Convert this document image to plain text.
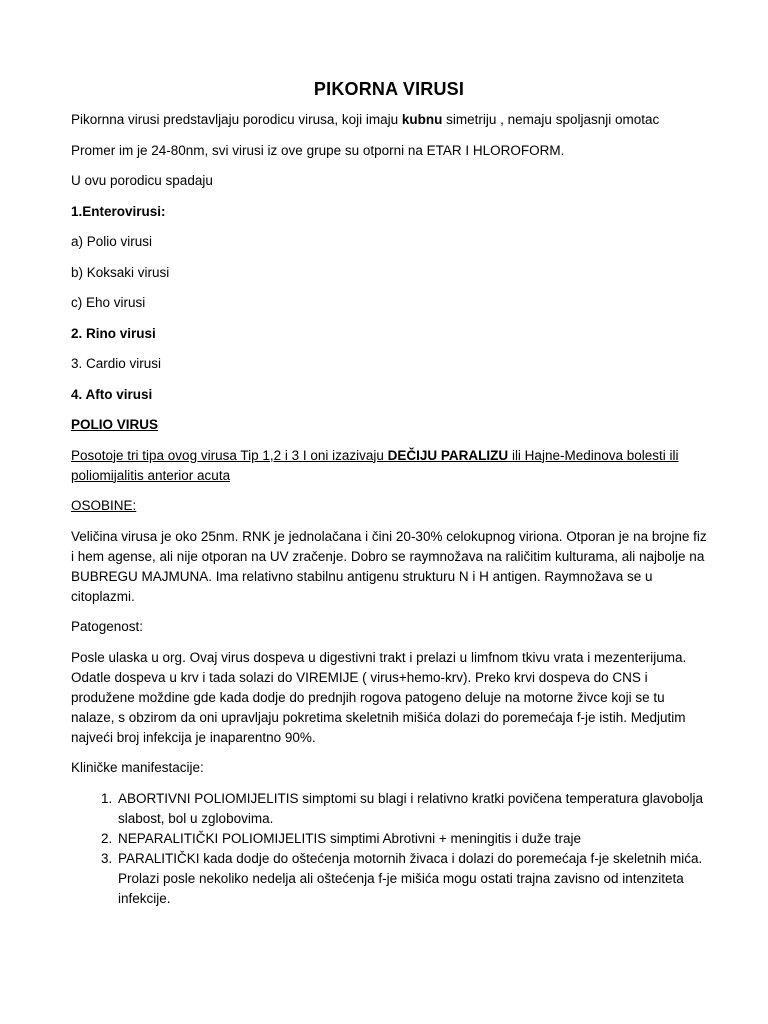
PIKORNA VIRUSI

Pikornna virusi predstavljaju porodicu virusa, koji imaju kubnu simetriju , nemaju spoljasnji omotac

Promer im je 24-80nm, svi virusi iz ove grupe su otporni na ETAR I HLOROFORM.

U ovu porodicu spadaju

1.Enterovirusi:

a) Polio virusi

b) Koksaki virusi

c) Eho virusi

2. Rino virusi

3. Cardio virusi

4. Afto virusi

POLIO VIRUS

Posotoje tri tipa ovog virusa Tip 1,2 i 3 I oni izazivaju DEČIJU PARALIZU ili Hajne-Medinova bolesti ili poliomijalitis anterior acuta

OSOBINE:

Veličina virusa je oko 25nm. RNK je jednolačana i čini 20-30% celokupnog viriona. Otporan je na brojne fiz i hem agense, ali nije otporan na UV zračenje. Dobro se raymnožava na raličitim kulturama, ali najbolje na BUBREGU MAJMUNA. Ima relativno stabilnu antigenu strukturu N i H antigen. Raymnožava se u citoplazmi.

Patogenost:

Posle ulaska u org. Ovaj virus dospeva u digestivni trakt i prelazi u limfnom tkivu vrata i mezenterijuma. Odatle dospeva u krv i tada solazi do VIREMIJE ( virus+hemo-krv). Preko krvi dospeva do CNS i produžene moždine gde kada dodje do prednjih rogova patogeno deluje na motorne živce koji se tu nalaze, s obzirom da oni upravljaju pokretima skeletnih mišića dolazi do poremećaja f-je istih. Medjutim najveći broj infekcija je inaparentno 90%.

Kliničke manifestacije:

1. ABORTIVNI POLIOMIJELITIS simptomi su blagi i relativno kratki povičena temperatura glavobolja slabost, bol u zglobovima.
2. NEPARALITIČKI POLIOMIJELITIS simptimi Abrotivni + meningitis i duže traje
3. PARALITIČKI kada dodje do oštećenja motornih živaca i dolazi do poremećaja f-je skeletnih mića. Prolazi posle nekoliko nedelja ali oštećenja f-je mišića mogu ostati trajna zavisno od intenziteta infekcije.
